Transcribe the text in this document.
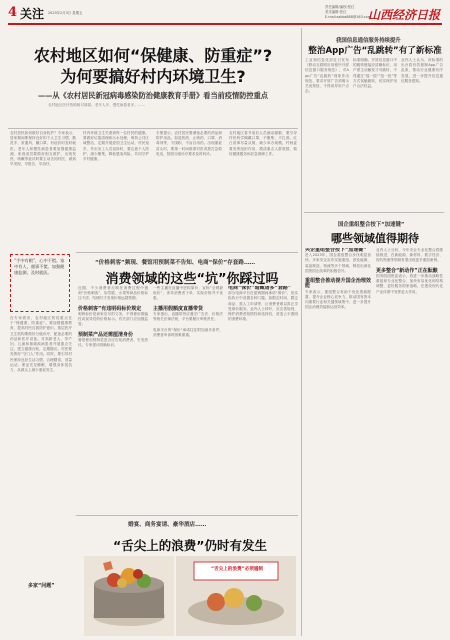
4 关注 2023年2月3日 星期五
责任编辑/编校:张红
美术编辑:张红
E-mail:szbbs888@163.com
山西经济日报
农村地区如何“保健康、防重症”?
为何要搞好村内环境卫生?
——从《农村居民新冠病毒感染防治健康教育手册》看当前疫情防控重点
农村地区医疗资源相对薄弱，老年人多、慢性病患者多。……
农村居民如何做好自身防护？专家表示，居家期间要保持良好的个人卫生习惯，勤洗手、常通风、戴口罩，有症状时及时就医。老年人和慢性病患者要加强健康监测，家庭成员要做好相互照护，出现发热、咳嗽等症状时要主动告知村医，做到早发现、早报告、早治疗。
村内环境卫生关系到每一位村民的健康。要做好垃圾清理和污水处理，保持公共区域整洁，定期开展爱国卫生运动。村民返乡、外出务工人员返岗时，要注意个人防护，减少聚集，降低感染风险，共同守护乡村健康。
手册提示，农村居民要储备必要的药品和防护用品，如退热药、止咳药、口罩、消毒剂等，不囤积、不盲目用药。出现重症苗头时，要第一时间联系村医或拨打急救电话，按照分级诊疗要求及时转诊。
农村地区春节前后人员流动频繁，要引导村民科学佩戴口罩，不聚集、不扎堆。红白喜事尽量从简，减少举办规模。村两委要发挥组织作用，摸清重点人群底数，做好健康服务和应急保障工作。
“手中有粮”，心中不慌。家中有人，遇事不慌。加强健康监测，及时就医。
在专家看来，农村地区防疫重点在于“保健康、防重症”。要加强健康教育，提高村民自我防护意识。基层医疗卫生机构要做好分级诊疗，配备必要的药品和医疗设备。对高龄老人、孕产妇、儿童和基础疾病患者开展重点关注，建立健康台账，定期随访。村医要发挥好“守门人”作用。同时，要引导村民保持良好生活习惯，合理膳食，适量运动，保证充足睡眠，增强身体抵抗力，从源头上减少重症发生。
多家“问题”
“价格刺客”频现、餐馆用预制菜不告知、电商“保价”存套路……
消费领域的这些“坑”你踩过吗
近期，不少消费者反映在消费过程中遇到“价格刺客”，如雪糕、水果等商品价格标注不清，结账时才发现价格远超预期。

价格刺客”有违明码标价规定
明码标价是商家应尽的义务，不得使用欺骗性或误导性的价格标示。有关部门应加强监管。

预制菜产品还需厘清身份
餐馆使用预制菜是否应告知消费者，引发热议。专家建议明确标识。
一些主播在直播中虚构原价、宣称“全网最低价”，诱导消费者下单，实际价格并不优惠。

主播用假额度直播带货
专家指出，直播带货应遵守广告法、价格法等相关法律法规，平台要履行审核责任。

电商平台的“保价”承诺往往附加诸多条件，消费者申请时困难重重。
电商“保价”暗藏诸多“套路”
部分电商平台在促销期间承诺“保价”，但实际执行中设置各种门槛，如限定时间、限定商品、需人工申请等，让消费者难以真正享受保价服务。业内人士呼吁，应完善规则，保护消费者知情权和选择权，营造公平透明的消费环境。
婚宴、商务宴请、豪华酒店……
“舌尖上的浪费”仍时有发生
“舌尖上的浪费”必须遏制
我国信息通信服务持续提升
整治App广告“乱跳转”有了新标准
工业和信息化部近日发布《移动互联网应用程序开屏信息窗口服务规范》，对App广告“乱跳转”现象作出规范，要求开屏广告须明示关闭按钮，不得误导用户点击。
标准明确，开屏信息窗口中的跳转链接应清晰标识，用户需主动触发才可跳转，不得通过“摇一摇”“扭一扭”等方式误触跳转，切实保护用户合法权益。
业内人士认为，该标准的出台将有效遏制App广告乱象，推动行业健康有序发展，进一步提升信息通信服务感知。
国企重组整合按下“加速键”
哪些领域值得期待
央企重组整合按下“加速键”
进入2023年，国企重组整合步伐明显加快。多家央企宣布实施重组，涉及能源、装备制造、物流等多个领域，释放出深化国资国企改革的积极信号。

重组整合推动提升国企治理效能
专家表示，重组整合有助于优化资源配置，提升企业核心竞争力，推动国有资本向重要行业和关键领域集中，进一步提升国企治理效能和运营效率。
业内人士分析，今年央企专业化整合将继续推进，在新能源、新材料、数字经济、现代物流等领域有望出现更多重组案例。

更多整合“新动作”正在酝酿
国务院国资委表示，将进一步推动战略性重组和专业化整合，加快布局优化和结构调整，更好服务国家战略，在建设现代化产业体系中发挥更大作用。
